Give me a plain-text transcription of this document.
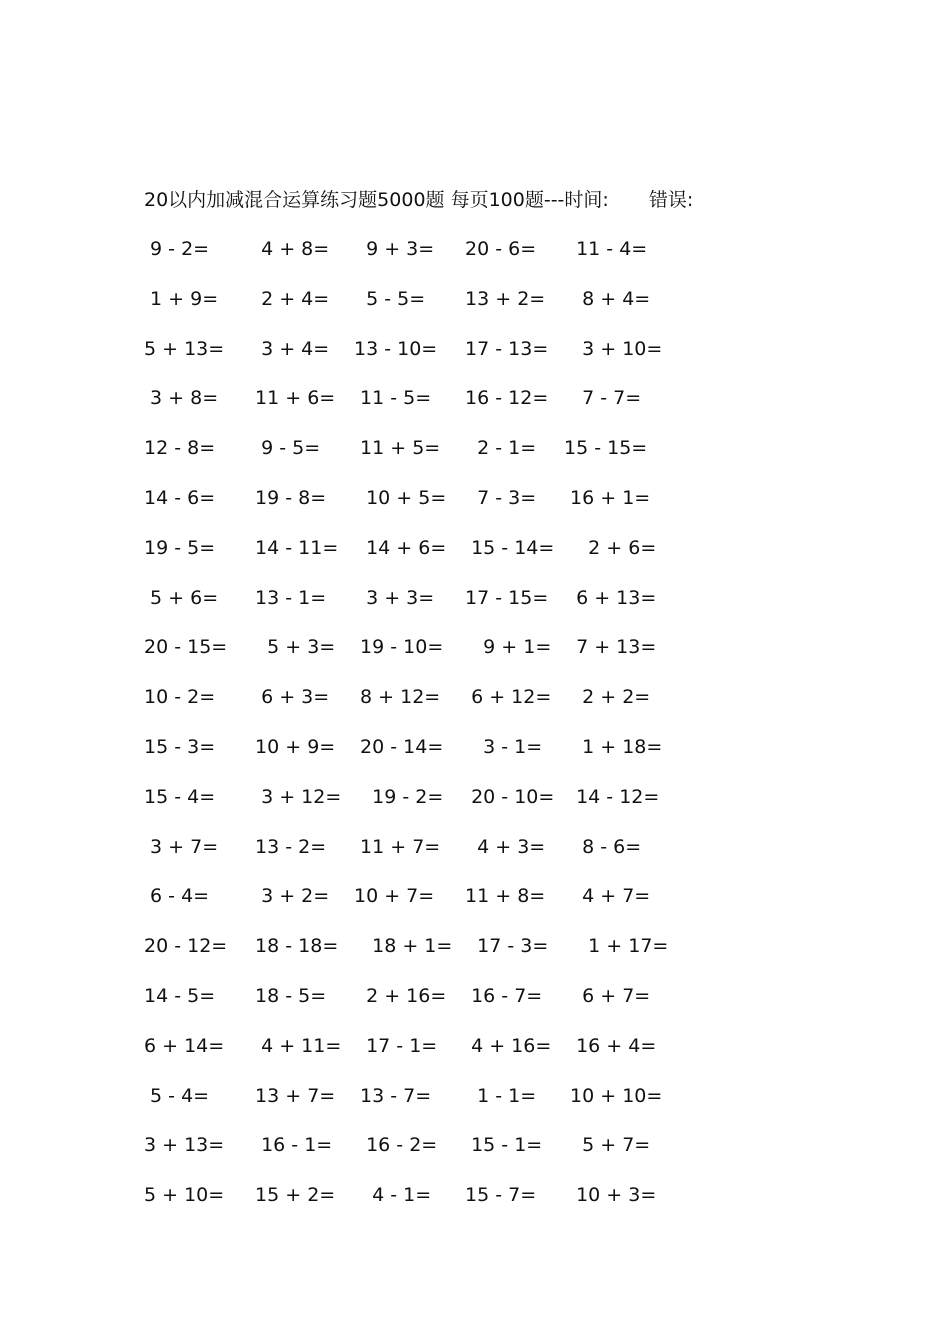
20以内加减混合运算练习题5000题 每页100题---时间: 错误:
9 - 2=	4 + 8=	9 + 3=	20 - 6=	11 - 4=
1 + 9=	2 + 4=	5 - 5=	13 + 2= 8 + 4=
5 + 13=	3 + 4=	13 - 10=	17 - 13= 3 + 10=
3 + 8=	11 + 6= 11 - 5=	16 - 12= 7 - 7=
12 - 8=	9 - 5=	11 + 5= 2 - 1=	15 - 15=
14 - 6=	19 - 8=	10 + 5= 7 - 3=	16 + 1=
19 - 5=	14 - 11= 14 + 6= 15 - 14= 2 + 6=
5 + 6=	13 - 1=	3 + 3=	17 - 15= 6 + 13=
20 - 15=	5 + 3= 19 - 10= 9 + 1= 7 + 13=
10 - 2=	6 + 3=	8 + 12= 6 + 12= 2 + 2=
15 - 3=	10 + 9= 20 - 14= 3 - 1=	1 + 18=
15 - 4=	3 + 12= 19 - 2= 20 - 10= 14 - 12=
3 + 7=	13 - 2=	11 + 7= 4 + 3= 8 - 6=
6 - 4=	3 + 2=	10 + 7=	11 + 8= 4 + 7=
20 - 12=	18 - 18= 18 + 1= 17 - 3= 1 + 17=
14 - 5=	18 - 5=	2 + 16= 16 - 7=	6 + 7=
6 + 14=	4 + 11= 17 - 1=	4 + 16= 16 + 4=
5 - 4=	13 + 7= 13 - 7=	1 - 1=	10 + 10=
3 + 13=	16 - 1=	16 - 2=	15 - 1=	5 + 7=
5 + 10=	15 + 2= 4 - 1=	15 - 7=	10 + 3=
